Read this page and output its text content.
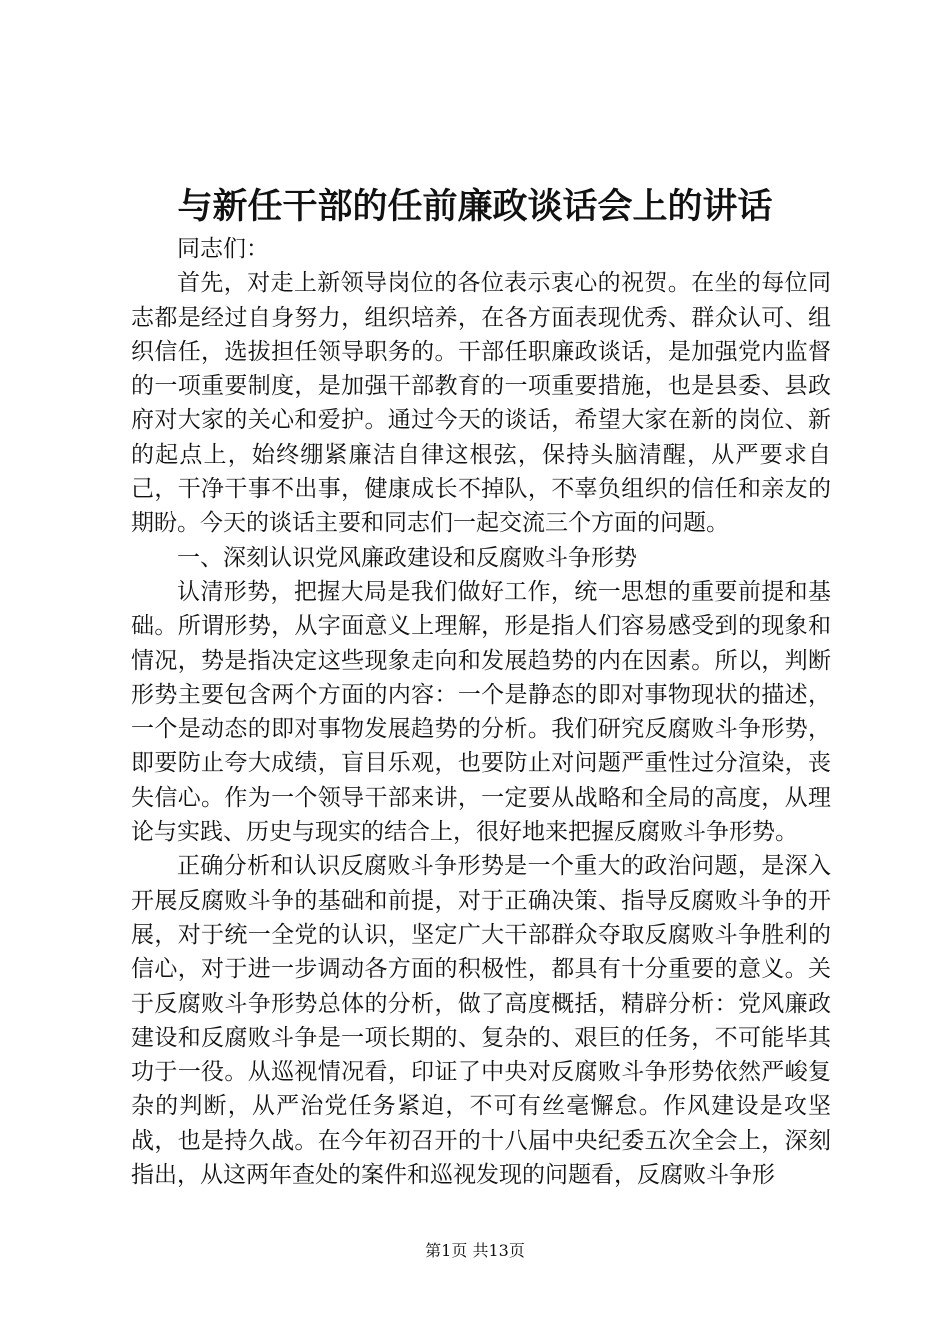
与新任干部的任前廉政谈话会上的讲话

同志们：

首先，对走上新领导岗位的各位表示衷心的祝贺。在坐的每位同志都是经过自身努力，组织培养，在各方面表现优秀、群众认可、组织信任，选拔担任领导职务的。干部任职廉政谈话，是加强党内监督的一项重要制度，是加强干部教育的一项重要措施，也是县委、县政府对大家的关心和爱护。通过今天的谈话，希望大家在新的岗位、新的起点上，始终绷紧廉洁自律这根弦，保持头脑清醒，从严要求自己，干净干事不出事，健康成长不掉队，不辜负组织的信任和亲友的期盼。今天的谈话主要和同志们一起交流三个方面的问题。

一、深刻认识党风廉政建设和反腐败斗争形势

认清形势，把握大局是我们做好工作，统一思想的重要前提和基础。所谓形势，从字面意义上理解，形是指人们容易感受到的现象和情况，势是指决定这些现象走向和发展趋势的内在因素。所以，判断形势主要包含两个方面的内容：一个是静态的即对事物现状的描述，一个是动态的即对事物发展趋势的分析。我们研究反腐败斗争形势，即要防止夸大成绩，盲目乐观，也要防止对问题严重性过分渲染，丧失信心。作为一个领导干部来讲，一定要从战略和全局的高度，从理论与实践、历史与现实的结合上，很好地来把握反腐败斗争形势。

正确分析和认识反腐败斗争形势是一个重大的政治问题，是深入开展反腐败斗争的基础和前提，对于正确决策、指导反腐败斗争的开展，对于统一全党的认识，坚定广大干部群众夺取反腐败斗争胜利的信心，对于进一步调动各方面的积极性，都具有十分重要的意义。关于反腐败斗争形势总体的分析，做了高度概括，精辟分析：党风廉政建设和反腐败斗争是一项长期的、复杂的、艰巨的任务，不可能毕其功于一役。从巡视情况看，印证了中央对反腐败斗争形势依然严峻复杂的判断，从严治党任务紧迫，不可有丝毫懈怠。作风建设是攻坚战，也是持久战。在今年初召开的十八届中央纪委五次全会上，深刻指出，从这两年查处的案件和巡视发现的问题看，反腐败斗争形

第1页 共13页
